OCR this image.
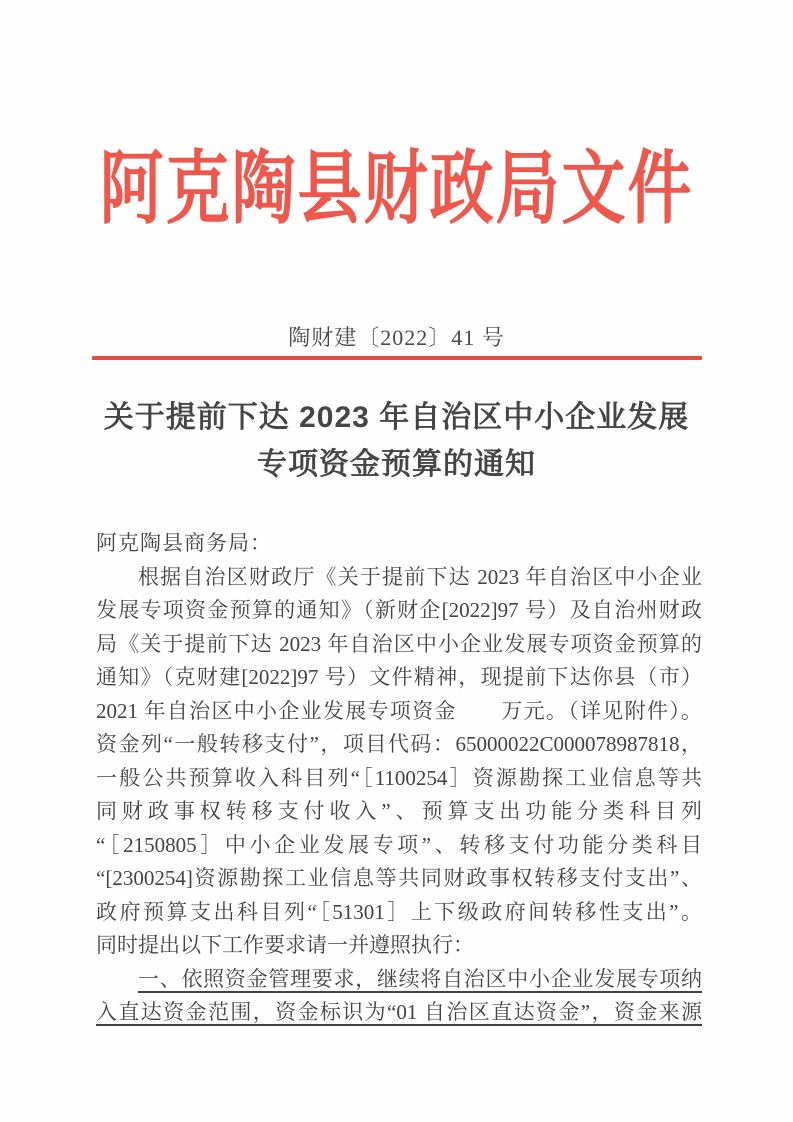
阿克陶县财政局文件
陶财建〔2022〕41 号
关于提前下达 2023 年自治区中小企业发展
专项资金预算的通知
阿克陶县商务局：
根据自治区财政厅《关于提前下达 2023 年自治区中小企业
发展专项资金预算的通知》（新财企[2022]97 号）及自治州财政
局《关于提前下达 2023 年自治区中小企业发展专项资金预算的
通知》（克财建[2022]97 号）文件精神，现提前下达你县（市）
2021 年自治区中小企业发展专项资金　　万元。（详见附件）。
资金列“一般转移支付”，项目代码：65000022C000078987818，
一般公共预算收入科目列“［1100254］资源勘探工业信息等共
同财政事权转移支付收入”、预算支出功能分类科目列
“［2150805］中小企业发展专项”、转移支付功能分类科目
“[2300254]资源勘探工业信息等共同财政事权转移支付支出”、
政府预算支出科目列“［51301］上下级政府间转移性支出”。
同时提出以下工作要求请一并遵照执行：
一、依照资金管理要求，继续将自治区中小企业发展专项纳
入直达资金范围，资金标识为“01 自治区直达资金”，资金来源
